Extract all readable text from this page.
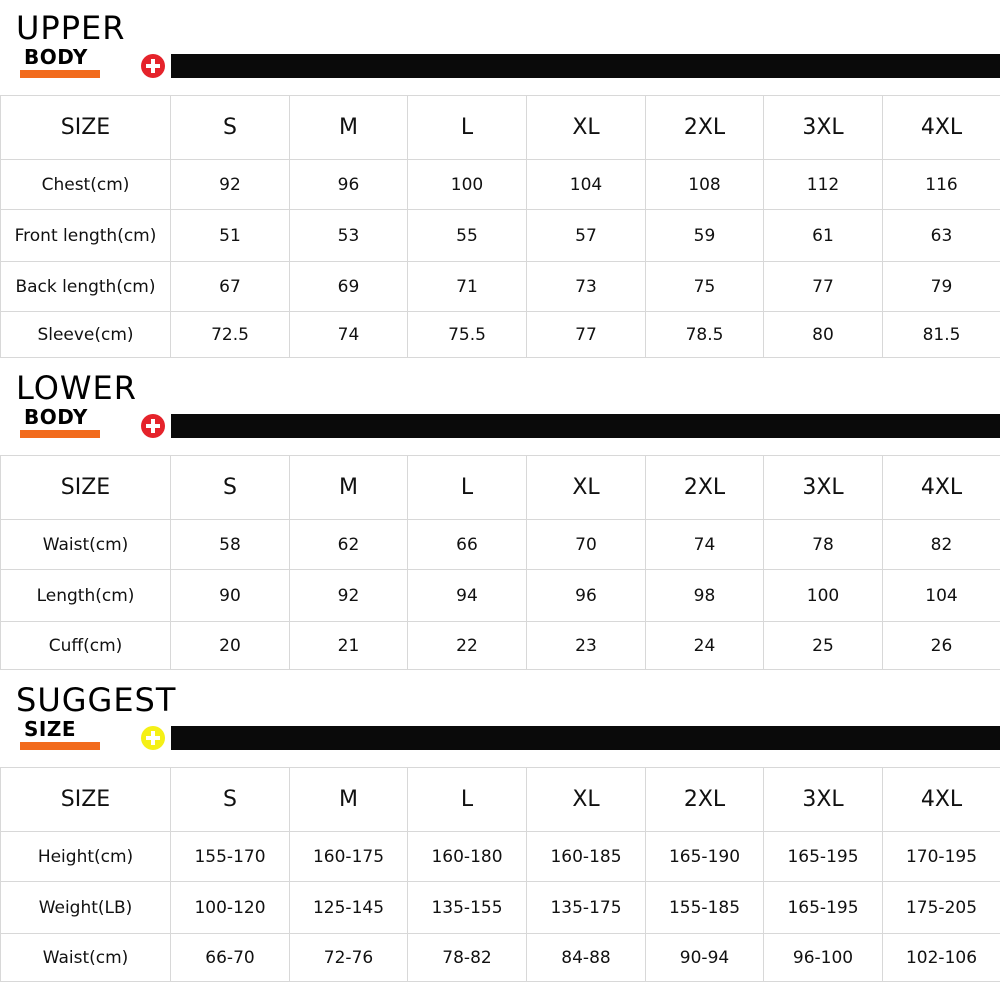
UPPER
BODY
SIZE	S	M	L	XL	2XL	3XL	4XL
Chest(cm)	92	96	100	104	108	112	116
Front length(cm)	51	53	55	57	59	61	63
Back length(cm)	67	69	71	73	75	77	79
Sleeve(cm)	72.5	74	75.5	77	78.5	80	81.5
LOWER
BODY
SIZE	S	M	L	XL	2XL	3XL	4XL
Waist(cm)	58	62	66	70	74	78	82
Length(cm)	90	92	94	96	98	100	104
Cuff(cm)	20	21	22	23	24	25	26
SUGGEST
SIZE
SIZE	S	M	L	XL	2XL	3XL	4XL
Height(cm)	155-170	160-175	160-180	160-185	165-190	165-195	170-195
Weight(LB)	100-120	125-145	135-155	135-175	155-185	165-195	175-205
Waist(cm)	66-70	72-76	78-82	84-88	90-94	96-100	102-106
